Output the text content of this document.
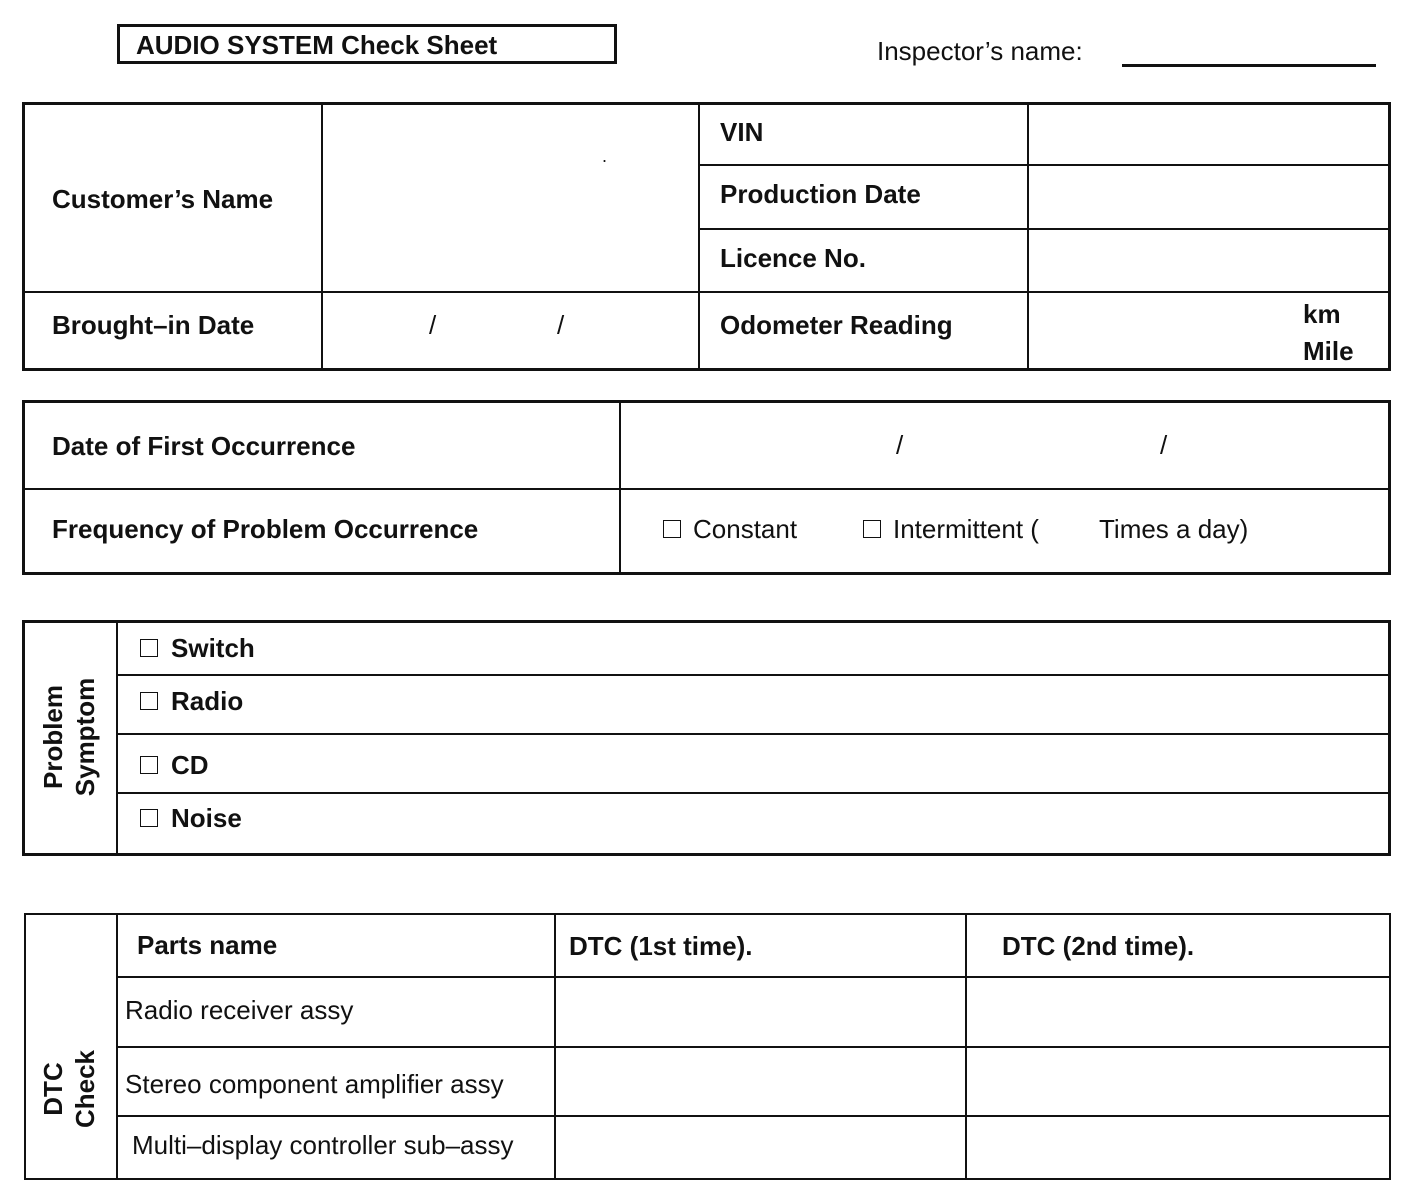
AUDIO SYSTEM Check Sheet	Inspector’s name:
Customer’s Name
.
VIN
Production Date
Licence No.
Brought–in Date	/	/	Odometer Reading	km
Mile
Date of First Occurrence	/	/
Frequency of Problem Occurrence	Constant	Intermittent ( Times a day)
Problem Symptom
Switch
Radio
CD
Noise
DTC Check
Parts name	DTC (1st time).	DTC (2nd time).
Radio receiver assy
Stereo component amplifier assy
Multi–display controller sub–assy
